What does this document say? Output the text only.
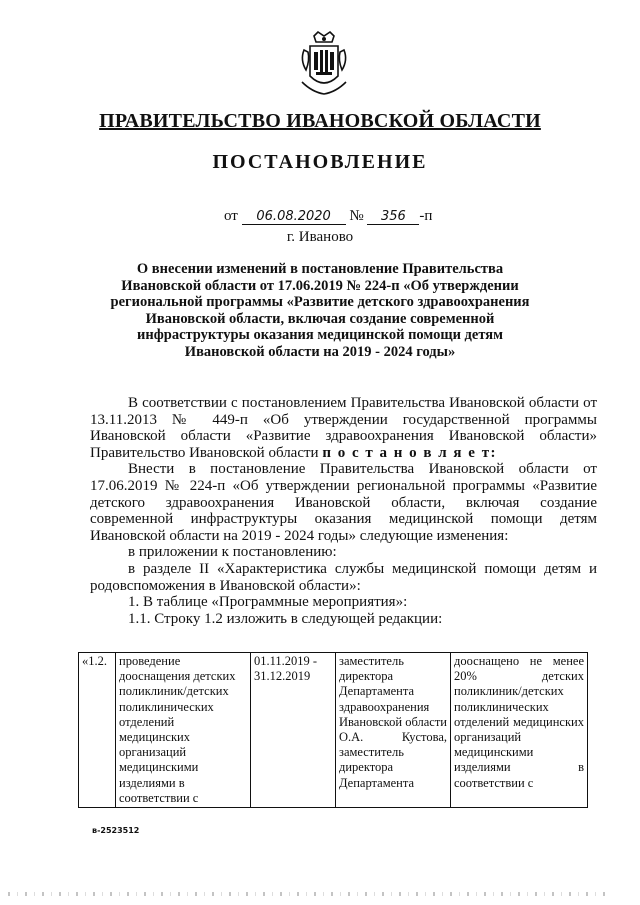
ПРАВИТЕЛЬСТВО ИВАНОВСКОЙ ОБЛАСТИ
ПОСТАНОВЛЕНИЕ
от 06.08.2020 № 356 -п
г. Иваново
О внесении изменений в постановление Правительства Ивановской области от 17.06.2019 № 224-п «Об утверждении региональной программы «Развитие детского здравоохранения Ивановской области, включая создание современной инфраструктуры оказания медицинской помощи детям Ивановской области на 2019 - 2024 годы»

В соответствии с постановлением Правительства Ивановской области от 13.11.2013 № 449-п «Об утверждении государственной программы Ивановской области «Развитие здравоохранения Ивановской области» Правительство Ивановской области п о с т а н о в л я е т:

Внести в постановление Правительства Ивановской области от 17.06.2019 № 224-п «Об утверждении региональной программы «Развитие детского здравоохранения Ивановской области, включая создание современной инфраструктуры оказания медицинской помощи детям Ивановской области на 2019 - 2024 годы» следующие изменения:

в приложении к постановлению:

в разделе II «Характеристика службы медицинской помощи детям и родовспоможения в Ивановской области»:

1. В таблице «Программные мероприятия»:

1.1. Строку 1.2 изложить в следующей редакции:

«1.2.	проведение дооснащения детских поликлиник/детских поликлинических отделений медицинских организаций медицинскими изделиями в соответствии с	01.11.2019 - 31.12.2019	заместитель директора Департамента здравоохранения Ивановской области О.А. Кустова, заместитель директора Департамента	дооснащено не менее 20% детских поликлиник/детских поликлинических отделений медицинских организаций медицинскими изделиями в соответствии с
в-2523512
